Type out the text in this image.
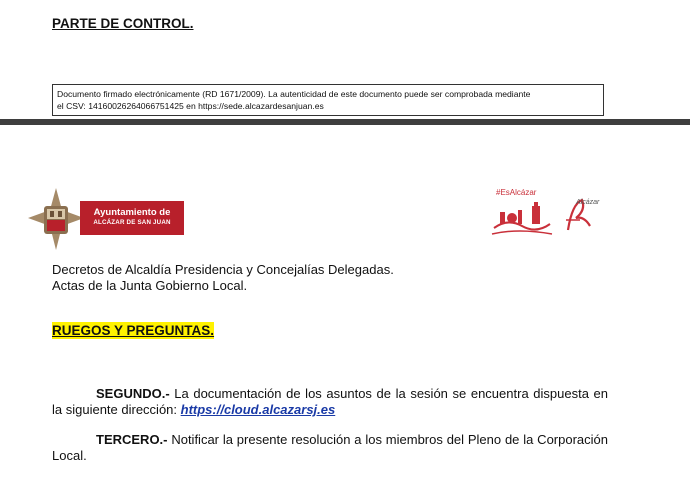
PARTE DE CONTROL.
Documento firmado electrónicamente (RD 1671/2009). La autenticidad de este documento puede ser comprobada mediante
el CSV: 14160026264066751425 en https://sede.alcazardesanjuan.es
Ayuntamiento de
ALCÁZAR DE SAN JUAN
#EsAlcázar
Alcázar
Decretos de Alcaldía Presidencia y Concejalías Delegadas.
Actas de la Junta Gobierno Local.
RUEGOS Y PREGUNTAS.
SEGUNDO.- La documentación de los asuntos de la sesión se encuentra dispuesta en la siguiente dirección: https://cloud.alcazarsj.es
TERCERO.- Notificar la presente resolución a los miembros del Pleno de la Corporación Local.
